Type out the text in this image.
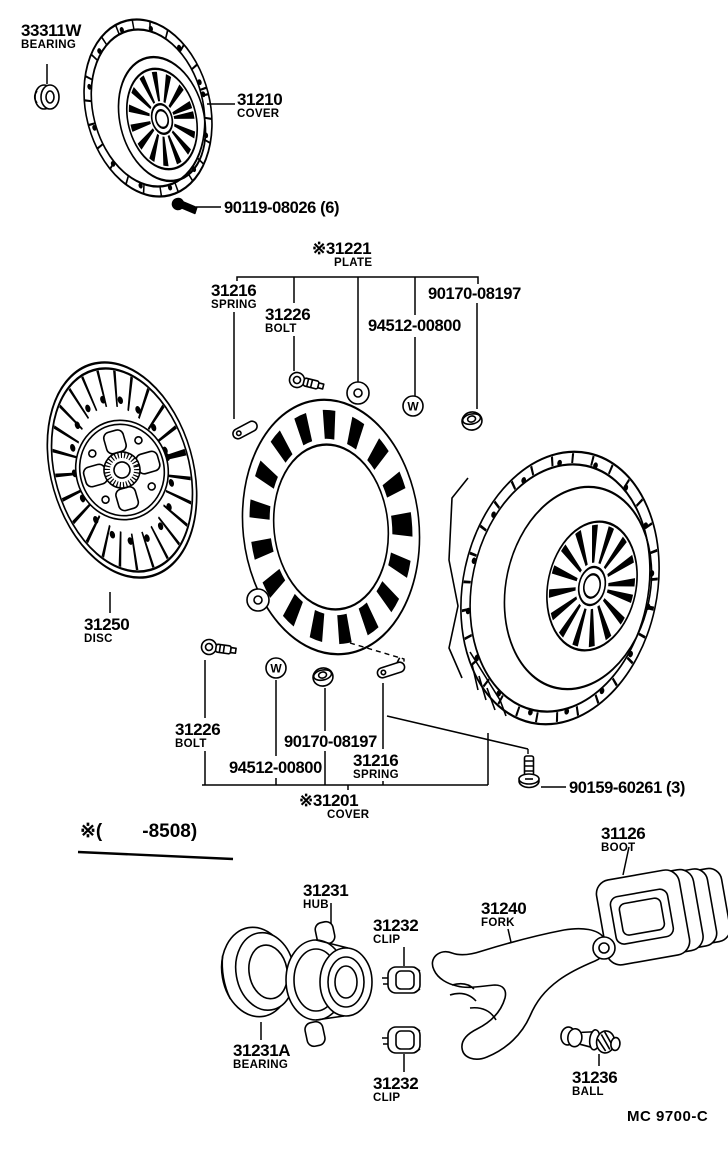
W
W
33311W
BEARING
31210
COVER
90119-08026 (6)
※31221
PLATE
31216
SPRING 31226
BOLT	94512-00800
90170-08197
31250
DISC
31226
BOLT
94512-00800
90170-08197
31216
SPRING
※31201
COVER
90159-60261 (3)
31126
BOOT
31231
HUB
31232
CLIP
31240
FORK
31231A
BEARING
31232
CLIP
31236
BALL
※( -8508)
MC 9700-C
